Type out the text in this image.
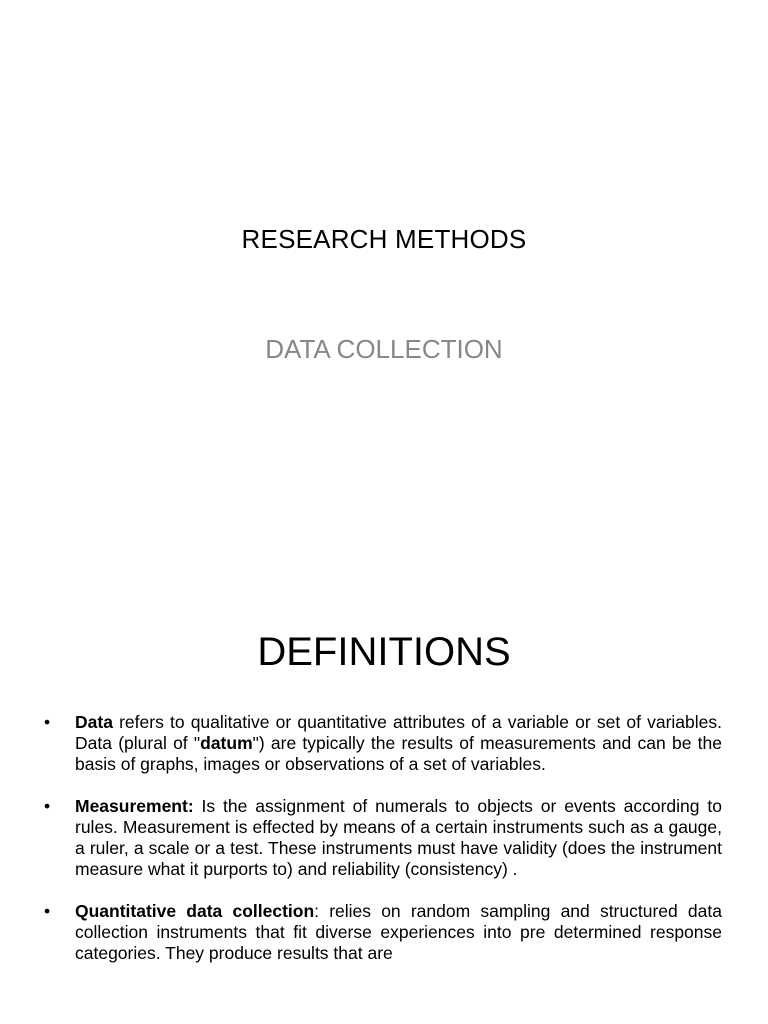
RESEARCH METHODS
DATA COLLECTION
DEFINITIONS
• Data refers to qualitative or quantitative attributes of a variable or set of variables. Data (plural of "datum") are typically the results of measurements and can be the basis of graphs, images or observations of a set of variables.
• Measurement: Is the assignment of numerals to objects or events according to rules. Measurement is effected by means of a certain instruments such as a gauge, a ruler, a scale or a test. These instruments must have validity (does the instrument measure what it purports to) and reliability (consistency) .
• Quantitative data collection: relies on random sampling and structured data collection instruments that fit diverse experiences into pre determined response categories. They produce results that are
